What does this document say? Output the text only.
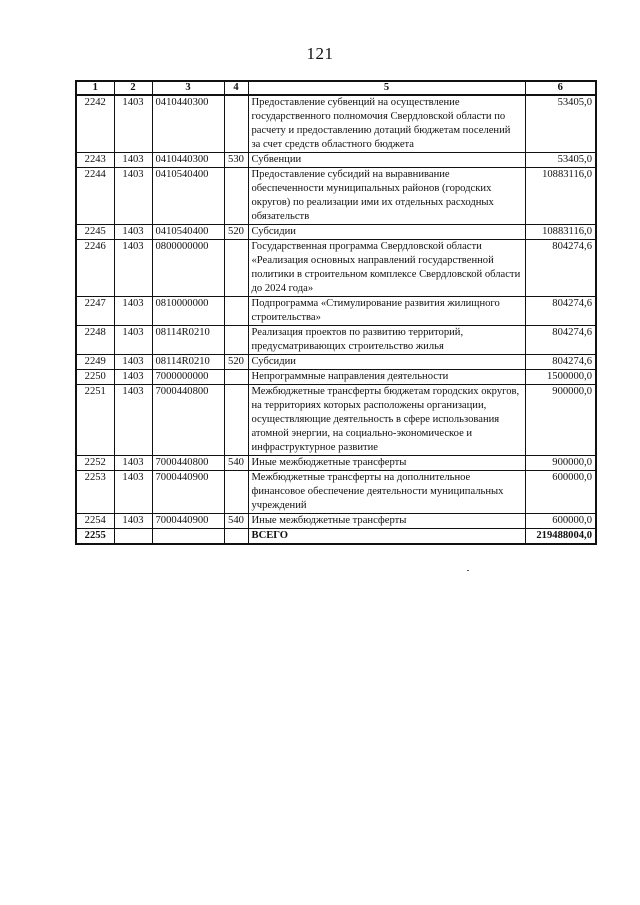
121
1	2	3	4	5	6
2242	1403	0410440300		Предоставление субвенций на осуществление государственного полномочия Свердловской области по расчету и предоставлению дотаций бюджетам поселений за счет средств областного бюджета	53405,0
2243	1403	0410440300	530	Субвенции	53405,0
2244	1403	0410540400		Предоставление субсидий на выравнивание обеспеченности муниципальных районов (городских округов) по реализации ими их отдельных расходных обязательств	10883116,0
2245	1403	0410540400	520	Субсидии	10883116,0
2246	1403	0800000000		Государственная программа Свердловской области «Реализация основных направлений государственной политики в строительном комплексе Свердловской области до 2024 года»	804274,6
2247	1403	0810000000		Подпрограмма «Стимулирование развития жилищного строительства»	804274,6
2248	1403	08114R0210		Реализация проектов по развитию территорий, предусматривающих строительство жилья	804274,6
2249	1403	08114R0210	520	Субсидии	804274,6
2250	1403	7000000000		Непрограммные направления деятельности	1500000,0
2251	1403	7000440800		Межбюджетные трансферты бюджетам городских округов, на территориях которых расположены организации, осуществляющие деятельность в сфере использования атомной энергии, на социально-экономическое и инфраструктурное развитие	900000,0
2252	1403	7000440800	540	Иные межбюджетные трансферты	900000,0
2253	1403	7000440900		Межбюджетные трансферты на дополнительное финансовое обеспечение деятельности муниципальных учреждений	600000,0
2254	1403	7000440900	540	Иные межбюджетные трансферты	600000,0
2255				ВСЕГО	219488004,0
